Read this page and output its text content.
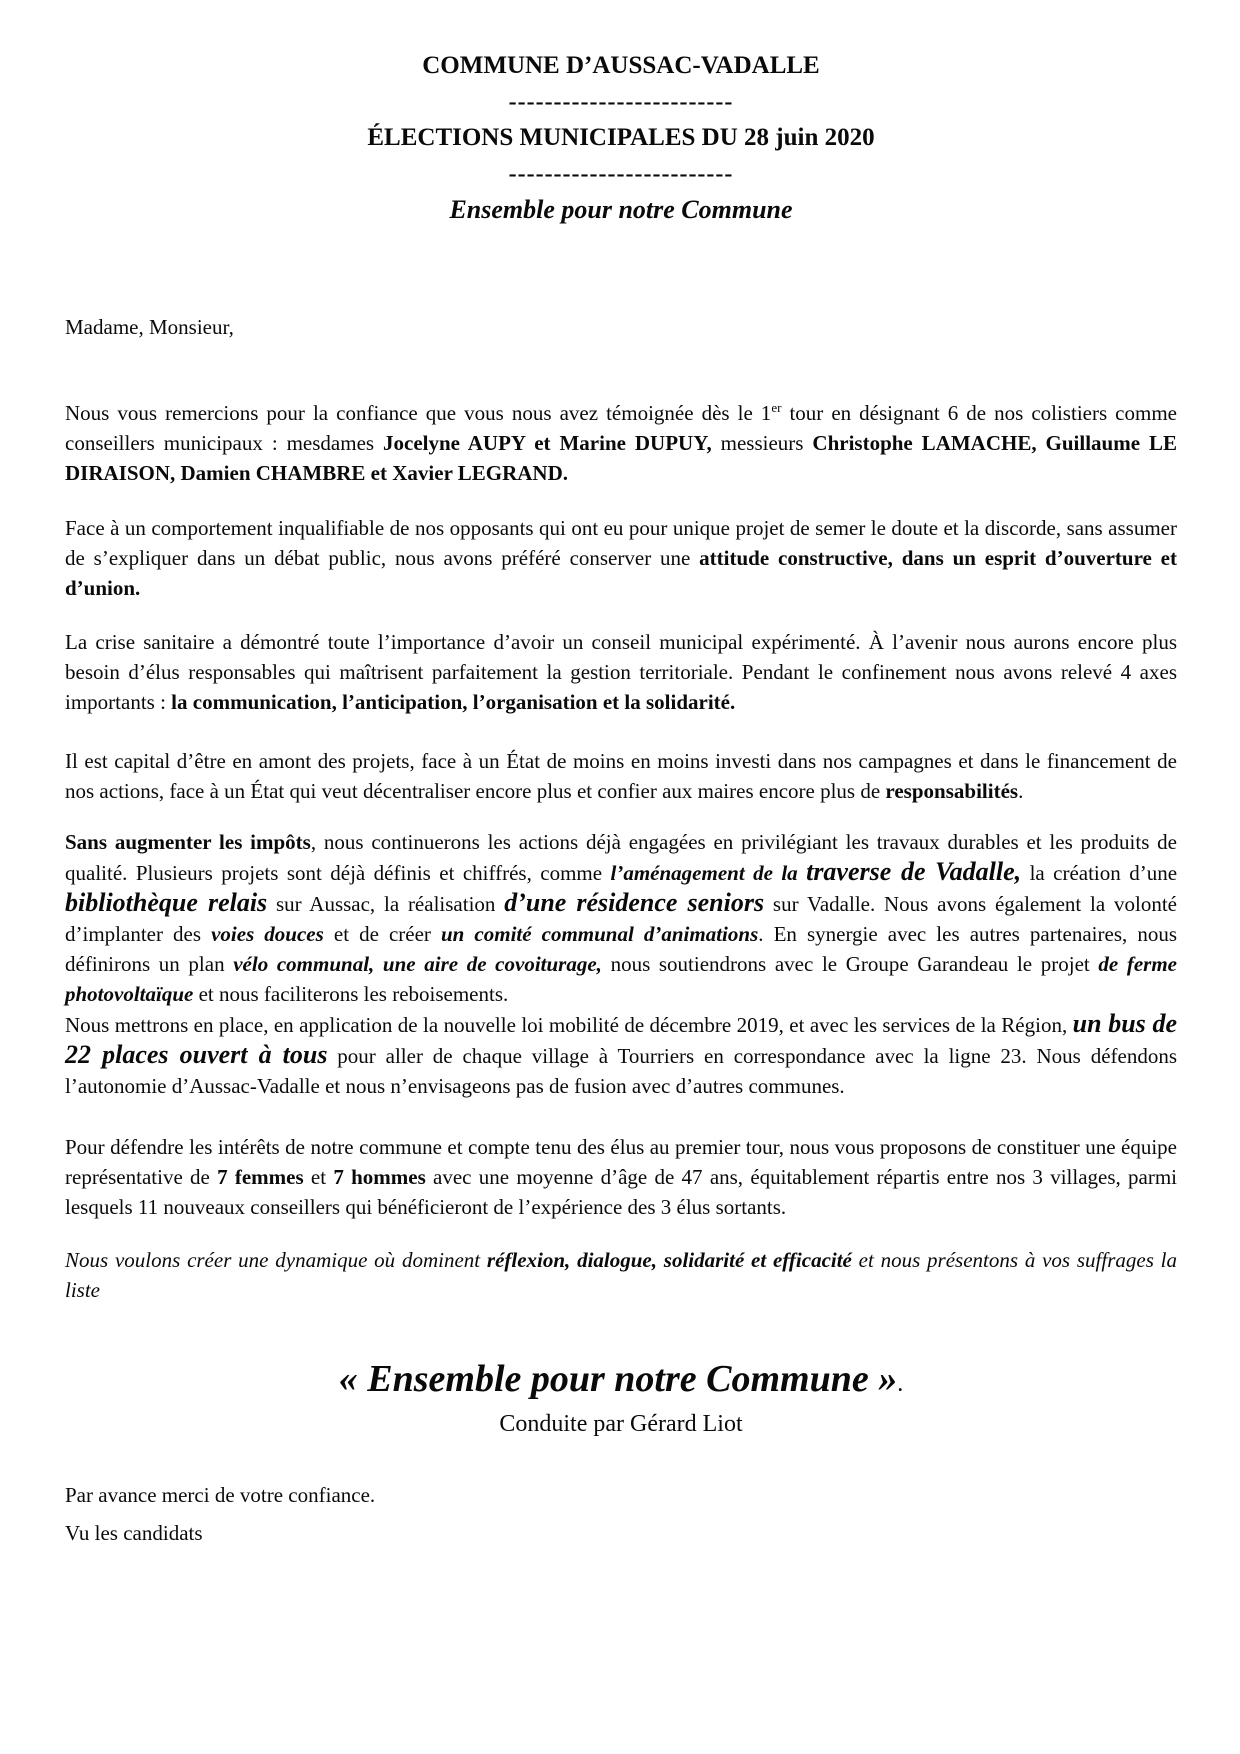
COMMUNE D’AUSSAC-VADALLE
-------------------------
ÉLECTIONS MUNICIPALES DU 28 juin 2020
-------------------------
Ensemble pour notre Commune

Madame, Monsieur,

Nous vous remercions pour la confiance que vous nous avez témoignée dès le 1er tour en désignant 6 de nos colistiers comme conseillers municipaux : mesdames Jocelyne AUPY et Marine DUPUY, messieurs Christophe LAMACHE, Guillaume LE DIRAISON, Damien CHAMBRE et Xavier LEGRAND.

Face à un comportement inqualifiable de nos opposants qui ont eu pour unique projet de semer le doute et la discorde, sans assumer de s’expliquer dans un débat public, nous avons préféré conserver une attitude constructive, dans un esprit d’ouverture et d’union.

La crise sanitaire a démontré toute l’importance d’avoir un conseil municipal expérimenté. À l’avenir nous aurons encore plus besoin d’élus responsables qui maîtrisent parfaitement la gestion territoriale. Pendant le confinement nous avons relevé 4 axes importants : la communication, l’anticipation, l’organisation et la solidarité.

Il est capital d’être en amont des projets, face à un État de moins en moins investi dans nos campagnes et dans le financement de nos actions, face à un État qui veut décentraliser encore plus et confier aux maires encore plus de responsabilités.

Sans augmenter les impôts, nous continuerons les actions déjà engagées en privilégiant les travaux durables et les produits de qualité. Plusieurs projets sont déjà définis et chiffrés, comme l’aménagement de la traverse de Vadalle, la création d’une bibliothèque relais sur Aussac, la réalisation d’une résidence seniors sur Vadalle. Nous avons également la volonté d’implanter des voies douces et de créer un comité communal d’animations. En synergie avec les autres partenaires, nous définirons un plan vélo communal, une aire de covoiturage, nous soutiendrons avec le Groupe Garandeau le projet de ferme photovoltaïque et nous faciliterons les reboisements.

Nous mettrons en place, en application de la nouvelle loi mobilité de décembre 2019, et avec les services de la Région, un bus de 22 places ouvert à tous pour aller de chaque village à Tourriers en correspondance avec la ligne 23. Nous défendons l’autonomie d’Aussac-Vadalle et nous n’envisageons pas de fusion avec d’autres communes.

Pour défendre les intérêts de notre commune et compte tenu des élus au premier tour, nous vous proposons de constituer une équipe représentative de 7 femmes et 7 hommes avec une moyenne d’âge de 47 ans, équitablement répartis entre nos 3 villages, parmi lesquels 11 nouveaux conseillers qui bénéficieront de l’expérience des 3 élus sortants.

Nous voulons créer une dynamique où dominent réflexion, dialogue, solidarité et efficacité et nous présentons à vos suffrages la liste

« Ensemble pour notre Commune ».
Conduite par Gérard Liot

Par avance merci de votre confiance.

Vu les candidats
